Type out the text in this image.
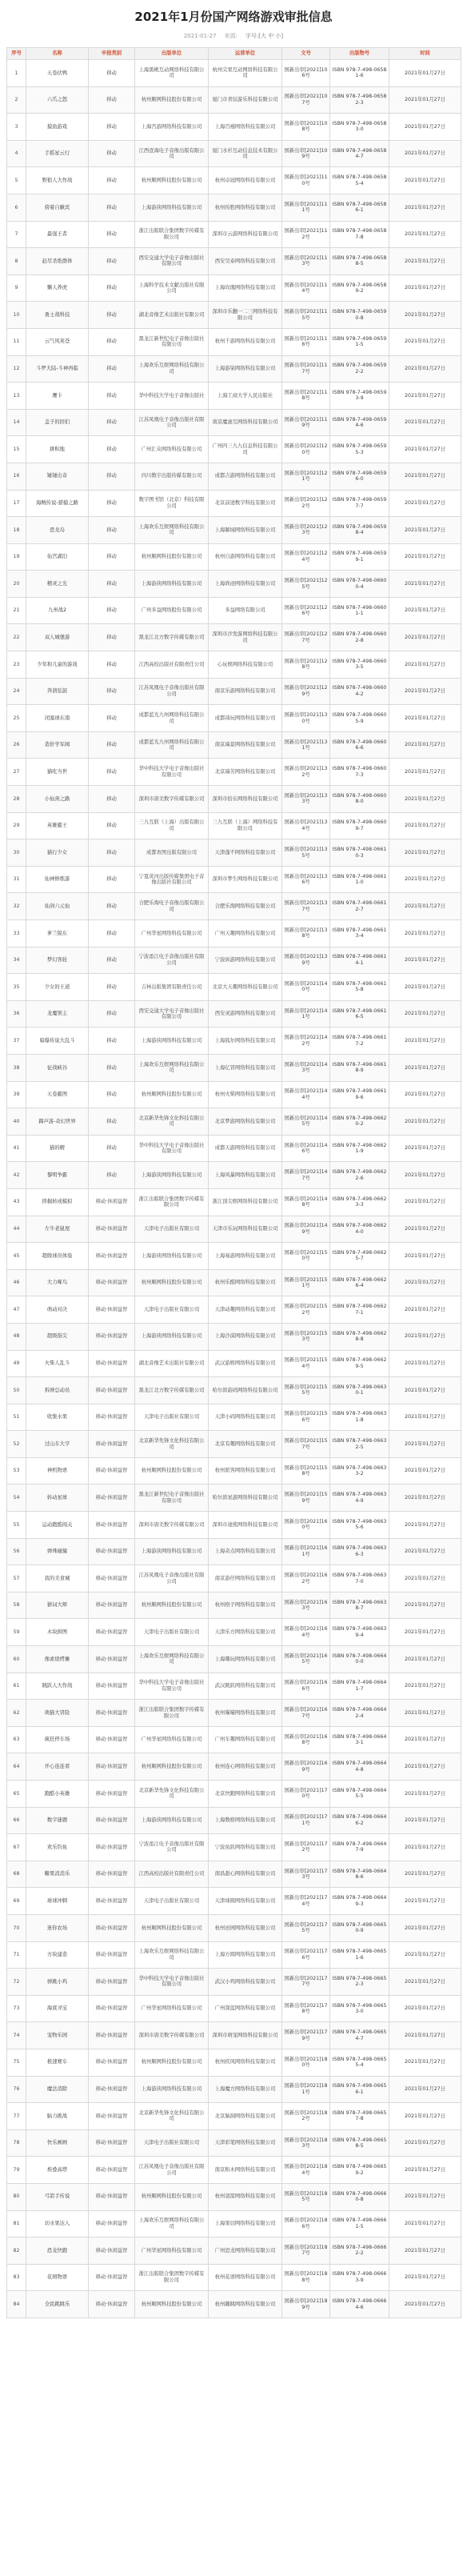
2021年1月份国产网络游戏审批信息
2021-01-27 来源: 字号:[大 中 小]
序号	名称	申报类别	出版单位	运营单位	文号	出版物号	时间
1	天卷伏鸭	移动	上海黑桃互动网络科技有限公司	杭州尖果互动网络科技有限公司	国新出审[2021]106号	ISBN 978-7-498-06581-6	2021年01月27日
2	六爪之怒	移动	杭州顺网科技股份有限公司	厦门市青辰游乐科技有限公司	国新出审[2021]107号	ISBN 978-7-498-06582-3	2021年01月27日
3	摸鱼游戏	移动	上海宫游网络科技有限公司	上海百禧网络科技有限公司	国新出审[2021]108号	ISBN 978-7-498-06583-0	2021年01月27日
4	手摇星云行	移动	江西壹海电子音像出版有限公司	厦门水杉互动信息技术有限公司	国新出审[2021]109号	ISBN 978-7-498-06584-7	2021年01月27日
5	野狼人大作战	移动	杭州顺网科技股份有限公司	杭州卓冠网络科技有限公司	国新出审[2021]110号	ISBN 978-7-498-06585-4	2021年01月27日
6	傍着自瞅宾	移动	上海游侠网络科技有限公司	杭州传胜网络科技有限公司	国新出审[2021]111号	ISBN 978-7-498-06586-1	2021年01月27日
7	最强王者	移动	浙江出版联合集团数字传媒有限公司	深圳市云游网络科技有限公司	国新出审[2021]112号	ISBN 978-7-498-06587-8	2021年01月27日
8	赶尽杀绝群体	移动	西安交通大学电子音像出版社有限公司	西安昊泰网络科技有限公司	国新出审[2021]113号	ISBN 978-7-498-06588-5	2021年01月27日
9	懒人养虎	移动	上海科学技术文献出版社有限公司	上海玫瑰网络科技有限公司	国新出审[2021]114号	ISBN 978-7-498-06589-2	2021年01月27日
10	勇士战科技	移动	湖北音像艺术出版社有限公司	深圳市乐翻一二三网络科技有限公司	国新出审[2021]115号	ISBN 978-7-498-06590-8	2021年01月27日
11	云气风荚苍	移动	黑龙江新世纪电子音像出版社有限公司	杭州千游网络科技有限公司	国新出审[2021]116号	ISBN 978-7-498-06591-5	2021年01月27日
12	斗罗大陆-斗神再临	移动	上海欢乐互娱网络科技有限公司	上海游柒网络科技有限公司	国新出审[2021]117号	ISBN 978-7-498-06592-2	2021年01月27日
13	鹰卡	移动	华中科技大学电子音像出版社	上海工商大学人民出版社	国新出审[2021]118号	ISBN 978-7-498-06593-9	2021年01月27日
14	盖子的回们	移动	江苏凤凰电子音像出版社有限公司	南京魔滚互网络科技有限公司	国新出审[2021]119号	ISBN 978-7-498-06594-6	2021年01月27日
15	拼积地	移动	广州汇众网络科技有限公司	广州四三九九信息科技有限公司	国新出审[2021]120号	ISBN 978-7-498-06595-3	2021年01月27日
16	锤锤出奇	移动	四川数字出版传媒有限公司	成都吉游网络科技有限公司	国新出审[2021]121号	ISBN 978-7-498-06596-0	2021年01月27日
17	海贼传说-猎捕之路	移动	数字图书馆（北京）科技有限公司	北京前途数字科技有限公司	国新出审[2021]122号	ISBN 978-7-498-06597-7	2021年01月27日
18	恐龙岛	移动	上海欢乐互娱网络科技有限公司	上海颖域网络科技有限公司	国新出审[2021]123号	ISBN 978-7-498-06598-4	2021年01月27日
19	仙宫湖泊	移动	杭州顺网科技股份有限公司	杭州自游网络科技有限公司	国新出审[2021]124号	ISBN 978-7-498-06599-1	2021年01月27日
20	精灵之光	移动	上海游侠网络科技有限公司	上海尚迹网络科技有限公司	国新出审[2021]125号	ISBN 978-7-498-06600-4	2021年01月27日
21	九州战2	移动	广州多益网络股份有限公司	多益网络有限公司	国新出审[2021]126号	ISBN 978-7-498-06601-1	2021年01月27日
22	双人城堡游	移动	黑龙江北方数字传媒有限公司	深圳市沙发游网络科技有限公司	国新出审[2021]127号	ISBN 978-7-498-06602-8	2021年01月27日
23	少年和儿童的游戏	移动	江西高校出版社有限责任公司	心玩娱网络科技有限公司	国新出审[2021]128号	ISBN 978-7-498-06603-5	2021年01月27日
24	奔溃弦鼓	移动	江苏凤凰电子音像出版社有限公司	南京乐游网络科技有限公司	国新出审[2021]129号	ISBN 978-7-498-06604-2	2021年01月27日
25	闭塞球东南	移动	成都蓝光九州网络科技有限公司	成都琦玩网络科技有限公司	国新出审[2021]130号	ISBN 978-7-498-06605-9	2021年01月27日
26	造价学军阀	移动	成都蓝光九州网络科技有限公司	南京瑞景网络科技有限公司	国新出审[2021]131号	ISBN 978-7-498-06606-6	2021年01月27日
27	猫吃当世	移动	华中科技大学电子音像出版社有限公司	北京瑞芳网络科技有限公司	国新出审[2021]132号	ISBN 978-7-498-06607-3	2021年01月27日
28	小仙剑之路	移动	深圳市唐美数字传媒有限公司	深圳市拾东网络科技有限公司	国新出审[2021]133号	ISBN 978-7-498-06608-0	2021年01月27日
29	英雄霸王	移动	三九互联（上海）出版有限公司	三九互联（上海）网络科技有限公司	国新出审[2021]134号	ISBN 978-7-498-06609-7	2021年01月27日
30	猫行少女	移动	成都育图出版有限公司	天津蓬不网络科技有限公司	国新出审[2021]135号	ISBN 978-7-498-06610-3	2021年01月27日
31	仙神修炼游	移动	宁夏黄河出版传媒集团电子音像出版社有限公司	深圳市梦生网络科技有限公司	国新出审[2021]136号	ISBN 978-7-498-06611-0	2021年01月27日
32	仙剑六元仙	移动	合肥乐淘电子音像出版有限公司	合肥乐淘网络科技有限公司	国新出审[2021]137号	ISBN 978-7-498-06612-7	2021年01月27日
33	萝兰锐东	移动	广州华星网络科技有限公司	广州天趣网络科技有限公司	国新出审[2021]138号	ISBN 978-7-498-06613-4	2021年01月27日
34	梦幻客轮	移动	宁波甬江电子音像出版社有限公司	宁波纵游网络科技有限公司	国新出审[2021]139号	ISBN 978-7-498-06614-1	2021年01月27日
35	少女的王道	移动	吉林出版集团有限责任公司	北京大天趣网络科技有限公司	国新出审[2021]140号	ISBN 978-7-498-06615-8	2021年01月27日
36	龙魔领主	移动	西安交通大学电子音像出版社有限公司	西安灵游网络科技有限公司	国新出审[2021]141号	ISBN 978-7-498-06616-5	2021年01月27日
37	暗爆传说大乱斗	移动	上海游侠网络科技有限公司	上海狐尔网络科技有限公司	国新出审[2021]142号	ISBN 978-7-498-06617-2	2021年01月27日
38	征战峡谷	移动	上海欢乐互娱网络科技有限公司	上海亿冒网络科技有限公司	国新出审[2021]143号	ISBN 978-7-498-06618-9	2021年01月27日
39	天卷霸图	移动	杭州顺网科技股份有限公司	杭州火柴网络科技有限公司	国新出审[2021]144号	ISBN 978-7-498-06619-6	2021年01月27日
40	蹄声游-奇幻世界	移动	北京新华先锋文化科技有限公司	北京梦游网络科技有限公司	国新出审[2021]145号	ISBN 978-7-498-06620-2	2021年01月27日
41	猫的精	移动	华中科技大学电子音像出版社有限公司	成都天游网络科技有限公司	国新出审[2021]146号	ISBN 978-7-498-06621-9	2021年01月27日
42	黎明争霸	移动	上海游侠网络科技有限公司	上海风暴网络科技有限公司	国新出审[2021]147号	ISBN 978-7-498-06622-6	2021年01月27日
43	择掘转成模拟	移动·休闲益智	浙江出版联合集团数字传媒有限公司	浙江顶尖娱网络科技有限公司	国新出审[2021]148号	ISBN 978-7-498-06623-3	2021年01月27日
44	左牛老鼠屋	移动·休闲益智	天津电子出版社有限公司	天津市乐玩网络科技有限公司	国新出审[2021]149号	ISBN 978-7-498-06624-0	2021年01月27日
45	超级球员体验	移动·休闲益智	上海游侠网络科技有限公司	上海易游网络科技有限公司	国新出审[2021]150号	ISBN 978-7-498-06625-7	2021年01月27日
46	大力啄鸟	移动·休闲益智	杭州顺网科技股份有限公司	杭州乐酷网络科技有限公司	国新出审[2021]151号	ISBN 978-7-498-06626-4	2021年01月27日
47	萌动对决	移动·休闲益智	天津电子出版社有限公司	天津动趣网络科技有限公司	国新出审[2021]152号	ISBN 978-7-498-06627-1	2021年01月27日
48	超级指尖	移动·休闲益智	上海游侠网络科技有限公司	上海沙漠网络科技有限公司	国新出审[2021]153号	ISBN 978-7-498-06628-8	2021年01月27日
49	火柴人乱斗	移动·休闲益智	湖北音像艺术出版社有限公司	武汉游娱网络科技有限公司	国新出审[2021]154号	ISBN 978-7-498-06629-5	2021年01月27日
50	拆弹总动员	移动·休闲益智	黑龙江北方数字传媒有限公司	哈尔滨游码网络科技有限公司	国新出审[2021]155号	ISBN 978-7-498-06630-1	2021年01月27日
51	收集水果	移动·休闲益智	天津电子出版社有限公司	天津小码网络科技有限公司	国新出审[2021]156号	ISBN 978-7-498-06631-8	2021年01月27日
52	过山车大亨	移动·休闲益智	北京新华先锋文化科技有限公司	北京有趣网络科技有限公司	国新出审[2021]157号	ISBN 978-7-498-06632-5	2021年01月27日
53	神机物语	移动·休闲益智	杭州顺网科技股份有限公司	杭州派客网络科技有限公司	国新出审[2021]158号	ISBN 978-7-498-06633-2	2021年01月27日
54	转动星球	移动·休闲益智	黑龙江新世纪电子音像出版社有限公司	哈尔滨星游网络科技有限公司	国新出审[2021]159号	ISBN 978-7-498-06634-9	2021年01月27日
55	运动跑酷闯关	移动·休闲益智	深圳市唐美数字传媒有限公司	深圳市迪熊网络科技有限公司	国新出审[2021]160号	ISBN 978-7-498-06635-6	2021年01月27日
56	弹珠碰撞	移动·休闲益智	上海游侠网络科技有限公司	上海奇点网络科技有限公司	国新出审[2021]161号	ISBN 978-7-498-06636-3	2021年01月27日
57	我的美食城	移动·休闲益智	江苏凤凰电子音像出版社有限公司	南京游仔网络科技有限公司	国新出审[2021]162号	ISBN 978-7-498-06637-0	2021年01月27日
58	猜词大师	移动·休闲益智	杭州顺网科技股份有限公司	杭州格子网络科技有限公司	国新出审[2021]163号	ISBN 978-7-498-06638-7	2021年01月27日
59	木块拼图	移动·休闲益智	天津电子出版社有限公司	天津乐方网络科技有限公司	国新出审[2021]164号	ISBN 978-7-498-06639-4	2021年01月27日
60	像素烧烤摊	移动·休闲益智	上海欢乐互娱网络科技有限公司	上海趣玩网络科技有限公司	国新出审[2021]165号	ISBN 978-7-498-06640-0	2021年01月27日
61	跳跃人大作战	移动·休闲益智	华中科技大学电子音像出版社有限公司	武汉跳跃网络科技有限公司	国新出审[2021]166号	ISBN 978-7-498-06641-7	2021年01月27日
62	萌猫大冒险	移动·休闲益智	浙江出版联合集团数字传媒有限公司	杭州喵喵网络科技有限公司	国新出审[2021]167号	ISBN 978-7-498-06642-4	2021年01月27日
63	疯狂停车场	移动·休闲益智	广州华星网络科技有限公司	广州车趣网络科技有限公司	国新出审[2021]168号	ISBN 978-7-498-06643-1	2021年01月27日
64	开心连连看	移动·休闲益智	杭州顺网科技股份有限公司	杭州连心网络科技有限公司	国新出审[2021]169号	ISBN 978-7-498-06644-8	2021年01月27日
65	跑酷小英雄	移动·休闲益智	北京新华先锋文化科技有限公司	北京快跑网络科技有限公司	国新出审[2021]170号	ISBN 978-7-498-06645-5	2021年01月27日
66	数字谜题	移动·休闲益智	上海游侠网络科技有限公司	上海数格网络科技有限公司	国新出审[2021]171号	ISBN 978-7-498-06646-2	2021年01月27日
67	欢乐钓鱼	移动·休闲益智	宁波甬江电子音像出版社有限公司	宁波鱼跃网络科技有限公司	国新出审[2021]172号	ISBN 978-7-498-06647-9	2021年01月27日
68	糖果消消乐	移动·休闲益智	江西高校出版社有限责任公司	南昌甜心网络科技有限公司	国新出审[2021]173号	ISBN 978-7-498-06648-6	2021年01月27日
69	球球冲刺	移动·休闲益智	天津电子出版社有限公司	天津球圆网络科技有限公司	国新出审[2021]174号	ISBN 978-7-498-06649-3	2021年01月27日
70	迷你农场	移动·休闲益智	杭州顺网科技股份有限公司	杭州田园网络科技有限公司	国新出审[2021]175号	ISBN 978-7-498-06650-9	2021年01月27日
71	方块建造	移动·休闲益智	上海欢乐互娱网络科技有限公司	上海方圆网络科技有限公司	国新出审[2021]176号	ISBN 978-7-498-06651-6	2021年01月27日
72	弹跳小鸡	移动·休闲益智	华中科技大学电子音像出版社有限公司	武汉小鸡网络科技有限公司	国新出审[2021]177号	ISBN 978-7-498-06652-3	2021年01月27日
73	海底寻宝	移动·休闲益智	广州华星网络科技有限公司	广州深蓝网络科技有限公司	国新出审[2021]178号	ISBN 978-7-498-06653-0	2021年01月27日
74	宠物乐园	移动·休闲益智	深圳市唐美数字传媒有限公司	深圳市萌宠网络科技有限公司	国新出审[2021]179号	ISBN 978-7-498-06654-7	2021年01月27日
75	极速赛车	移动·休闲益智	杭州顺网科技股份有限公司	杭州疾风网络科技有限公司	国新出审[2021]180号	ISBN 978-7-498-06655-4	2021年01月27日
76	魔法消除	移动·休闲益智	上海游侠网络科技有限公司	上海魔方网络科技有限公司	国新出审[2021]181号	ISBN 978-7-498-06656-1	2021年01月27日
77	脑力挑战	移动·休闲益智	北京新华先锋文化科技有限公司	北京脑洞网络科技有限公司	国新出审[2021]182号	ISBN 978-7-498-06657-8	2021年01月27日
78	快乐画画	移动·休闲益智	天津电子出版社有限公司	天津彩笔网络科技有限公司	国新出审[2021]183号	ISBN 978-7-498-06658-5	2021年01月27日
79	堆叠高塔	移动·休闲益智	江苏凤凰电子音像出版社有限公司	南京积木网络科技有限公司	国新出审[2021]184号	ISBN 978-7-498-06659-2	2021年01月27日
80	弓箭手传说	移动·休闲益智	杭州顺网科技股份有限公司	杭州羽箭网络科技有限公司	国新出审[2021]185号	ISBN 978-7-498-06660-8	2021年01月27日
81	切水果达人	移动·休闲益智	上海欢乐互娱网络科技有限公司	上海果切网络科技有限公司	国新出审[2021]186号	ISBN 978-7-498-06661-5	2021年01月27日
82	恐龙快跑	移动·休闲益智	广州华星网络科技有限公司	广州恐龙网络科技有限公司	国新出审[2021]187号	ISBN 978-7-498-06662-2	2021年01月27日
83	花园物语	移动·休闲益智	浙江出版联合集团数字传媒有限公司	杭州花语网络科技有限公司	国新出审[2021]188号	ISBN 978-7-498-06663-9	2021年01月27日
84	全民跳跳乐	移动·休闲益智	杭州顺网科技股份有限公司	杭州蹦跳网络科技有限公司	国新出审[2021]189号	ISBN 978-7-498-06664-6	2021年01月27日
